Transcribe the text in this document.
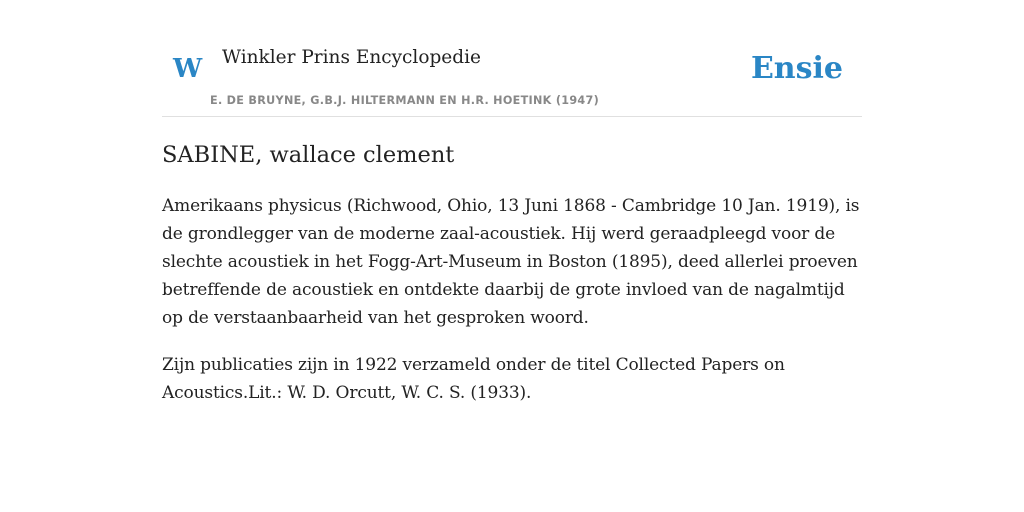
W Winkler Prins Encyclopedie
E. DE BRUYNE, G.B.J. HILTERMANN EN H.R. HOETINK (1947)
Ensie
SABINE, wallace clement

Amerikaans physicus (Richwood, Ohio, 13 Juni 1868 - Cambridge 10 Jan. 1919), is de grondlegger van de moderne zaal-acoustiek. Hij werd geraadpleegd voor de slechte acoustiek in het Fogg-Art-Museum in Boston (1895), deed allerlei proeven betreffende de acoustiek en ontdekte daarbij de grote invloed van de nagalmtijd op de verstaanbaarheid van het gesproken woord.

Zijn publicaties zijn in 1922 verzameld onder de titel Collected Papers on Acoustics.Lit.: W. D. Orcutt, W. C. S. (1933).
